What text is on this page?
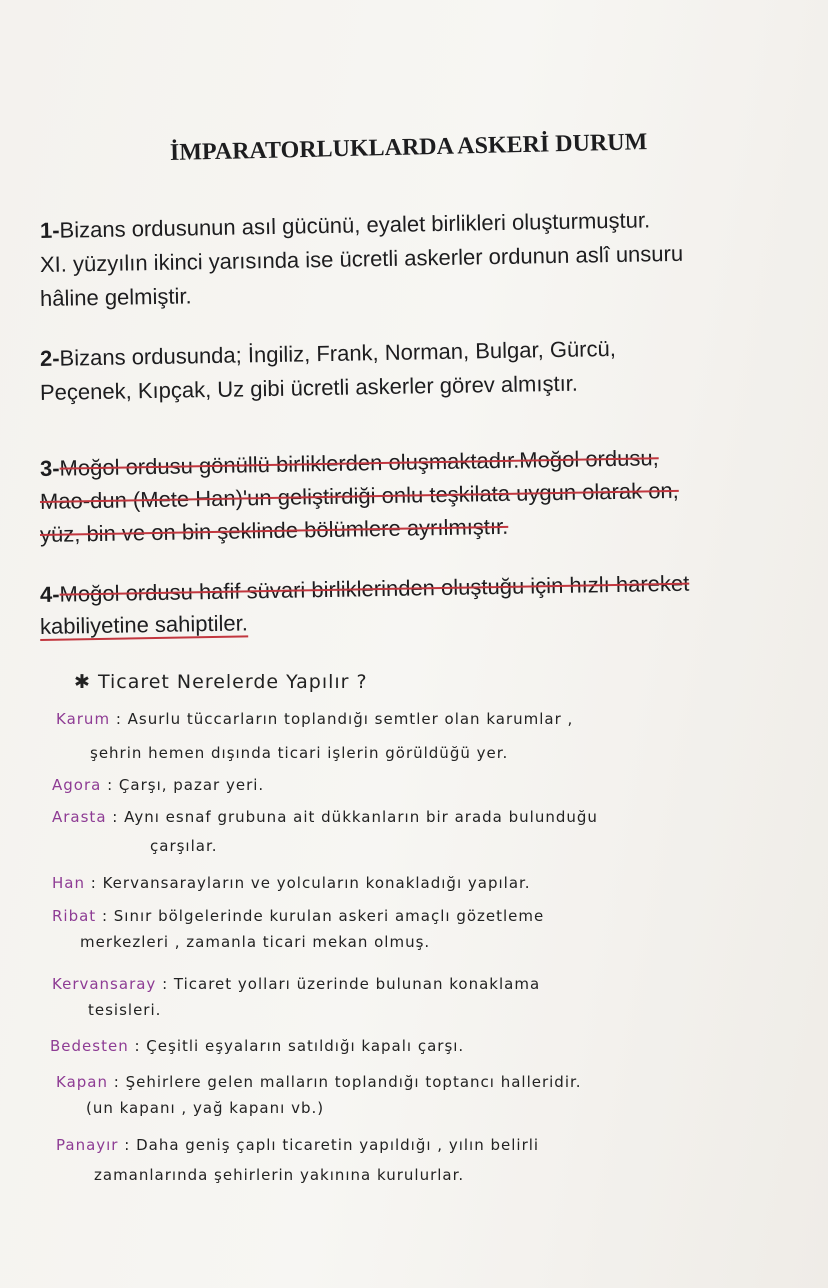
İMPARATORLUKLARDA ASKERİ DURUM
1-Bizans ordusunun asıl gücünü, eyalet birlikleri oluşturmuştur.
XI. yüzyılın ikinci yarısında ise ücretli askerler ordunun aslî unsuru
hâline gelmiştir.
2-Bizans ordusunda; İngiliz, Frank, Norman, Bulgar, Gürcü,
Peçenek, Kıpçak, Uz gibi ücretli askerler görev almıştır.
3-Moğol ordusu gönüllü birliklerden oluşmaktadır.Moğol ordusu,
Mao-dun (Mete Han)'un geliştirdiği onlu teşkilata uygun olarak on,
yüz, bin ve on bin şeklinde bölümlere ayrılmıştır.
4-Moğol ordusu hafif süvari birliklerinden oluştuğu için hızlı hareket
kabiliyetine sahiptiler.
✱ Ticaret Nerelerde Yapılır ?
Karum : Asurlu tüccarların toplandığı semtler olan karumlar ,
şehrin hemen dışında ticari işlerin görüldüğü yer.
Agora : Çarşı, pazar yeri.
Arasta : Aynı esnaf grubuna ait dükkanların bir arada bulunduğu
çarşılar.
Han : Kervansarayların ve yolcuların konakladığı yapılar.
Ribat : Sınır bölgelerinde kurulan askeri amaçlı gözetleme
merkezleri , zamanla ticari mekan olmuş.
Kervansaray : Ticaret yolları üzerinde bulunan konaklama
tesisleri.
Bedesten : Çeşitli eşyaların satıldığı kapalı çarşı.
Kapan : Şehirlere gelen malların toplandığı toptancı halleridir.
(un kapanı , yağ kapanı vb.)
Panayır : Daha geniş çaplı ticaretin yapıldığı , yılın belirli
zamanlarında şehirlerin yakınına kurulurlar.
